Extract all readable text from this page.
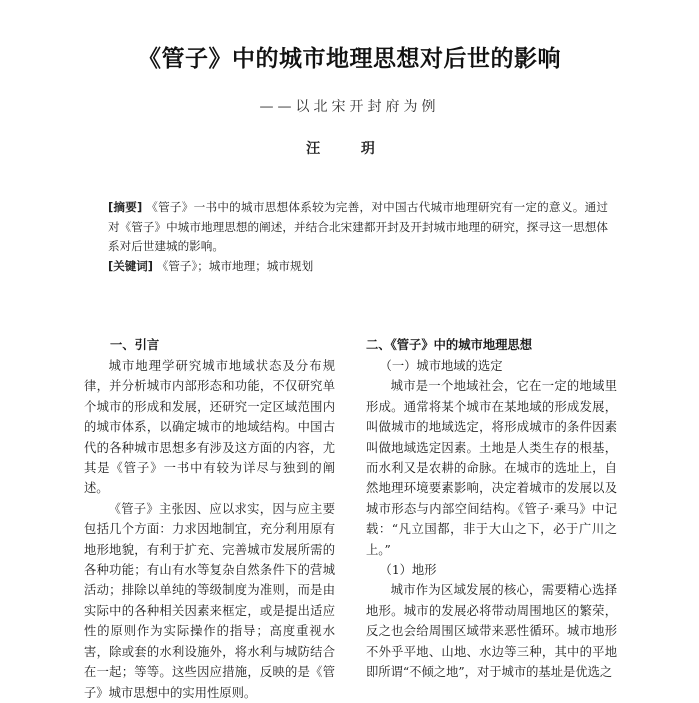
《管子》中的城市地理思想对后世的影响
——以北宋开封府为例
汪 玥

[摘要] 《管子》一书中的城市思想体系较为完善，对中国古代城市地理研究有一定的意义。通过对《管子》中城市地理思想的阐述，并结合北宋建都开封及开封城市地理的研究，探寻这一思想体系对后世建城的影响。

[关键词] 《管子》；城市地理；城市规划

一、引言

城市地理学研究城市地域状态及分布规律，并分析城市内部形态和功能，不仅研究单个城市的形成和发展，还研究一定区域范围内的城市体系，以确定城市的地域结构。中国古代的各种城市思想多有涉及这方面的内容，尤其是《管子》一书中有较为详尽与独到的阐述。

《管子》主张因、应以求实，因与应主要包括几个方面：力求因地制宜，充分利用原有地形地貌，有利于扩充、完善城市发展所需的各种功能；有山有水等复杂自然条件下的营城活动；排除以单纯的等级制度为准则，而是由实际中的各种相关因素来框定，或是提出适应性的原则作为实际操作的指导；高度重视水害，除或套的水利设施外，将水利与城防结合在一起；等等。这些因应措施，反映的是《管子》城市思想中的实用性原则。

二、《管子》中的城市地理思想
（一）城市地域的选定

城市是一个地域社会，它在一定的地域里形成。通常将某个城市在某地域的形成发展，叫做城市的地域选定，将形成城市的条件因素叫做地域选定因素。土地是人类生存的根基，而水利又是农耕的命脉。在城市的选址上，自然地理环境要素影响，决定着城市的发展以及城市形态与内部空间结构。《管子·乘马》中记载：“凡立国都，非于大山之下，必于广川之上。”

（1）地形

城市作为区域发展的核心，需要精心选择地形。城市的发展必将带动周围地区的繁荣，反之也会给周围区域带来恶性循环。城市地形不外乎平地、山地、水边等三种，其中的平地即所谓“不倾之地”，对于城市的基址是优选之
